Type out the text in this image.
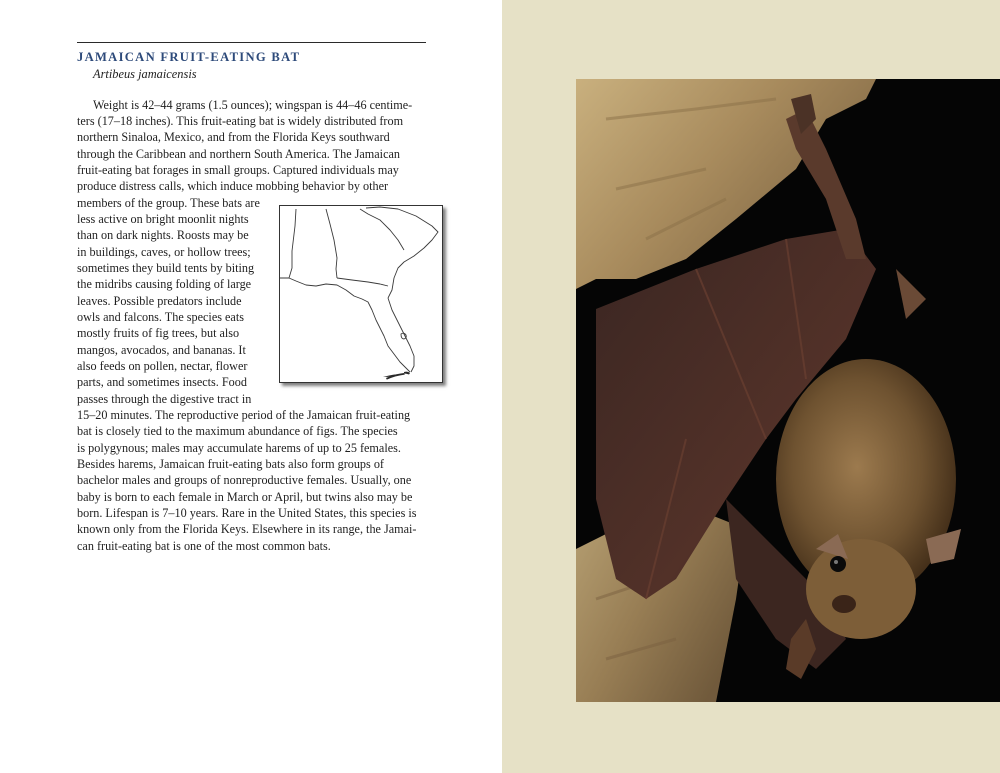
JAMAICAN FRUIT-EATING BAT

Artibeus jamaicensis

Weight is 42–44 grams (1.5 ounces); wingspan is 44–46 centime-
ters (17–18 inches). This fruit-eating bat is widely distributed from
northern Sinaloa, Mexico, and from the Florida Keys southward
through the Caribbean and northern South America. The Jamaican
fruit-eating bat forages in small groups. Captured individuals may
produce distress calls, which induce mobbing behavior by other
members of the group. These bats are
less active on bright moonlit nights
than on dark nights. Roosts may be
in buildings, caves, or hollow trees;
sometimes they build tents by biting
the midribs causing folding of large
leaves. Possible predators include
owls and falcons. The species eats
mostly fruits of fig trees, but also
mangos, avocados, and bananas. It
also feeds on pollen, nectar, flower
parts, and sometimes insects. Food
passes through the digestive tract in
15–20 minutes. The reproductive period of the Jamaican fruit-eating
bat is closely tied to the maximum abundance of figs. The species
is polygynous; males may accumulate harems of up to 25 females.
Besides harems, Jamaican fruit-eating bats also form groups of
bachelor males and groups of nonreproductive females. Usually, one
baby is born to each female in March or April, but twins also may be
born. Lifespan is 7–10 years. Rare in the United States, this species is
known only from the Florida Keys. Elsewhere in its range, the Jamai-
can fruit-eating bat is one of the most common bats.
